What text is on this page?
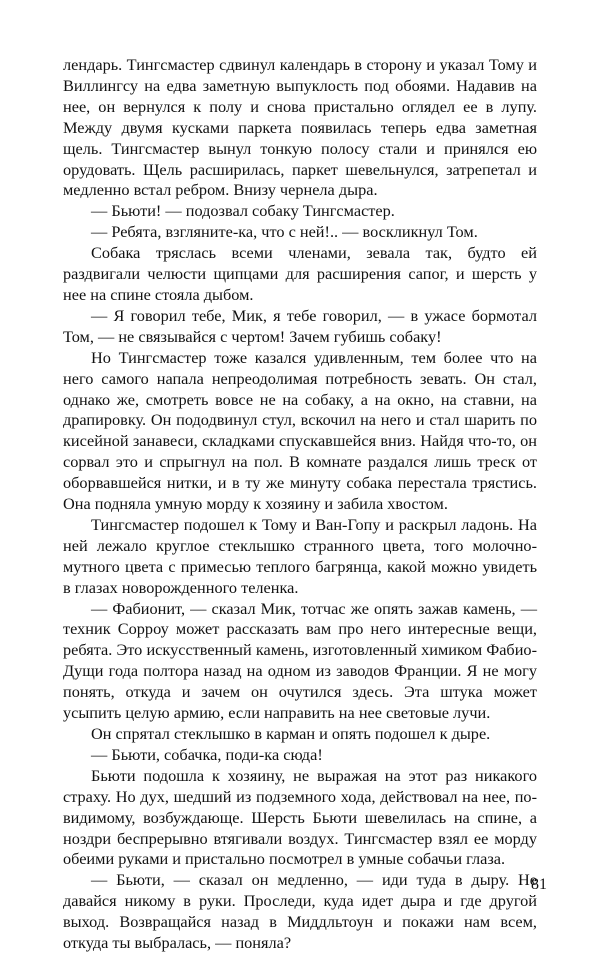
лендарь. Тингсмастер сдвинул календарь в сторону и указал Тому и Виллингсу на едва заметную выпуклость под обоями. Надавив на нее, он вернулся к полу и снова пристально оглядел ее в лупу. Между двумя кусками паркета появилась теперь едва заметная щель. Тингсмастер вынул тонкую полосу стали и принялся ею орудовать. Щель расширилась, паркет шевельнулся, затрепетал и медленно встал ребром. Внизу чернела дыра.

— Бьюти! — подозвал собаку Тингсмастер.

— Ребята, взгляните-ка, что с ней!.. — воскликнул Том.

Собака тряслась всеми членами, зевала так, будто ей раздвигали челюсти щипцами для расширения сапог, и шерсть у нее на спине стояла дыбом.

— Я говорил тебе, Мик, я тебе говорил, — в ужасе бормотал Том, — не связывайся с чертом! Зачем губишь собаку!

Но Тингсмастер тоже казался удивленным, тем более что на него самого напала непреодолимая потребность зевать. Он стал, однако же, смотреть вовсе не на собаку, а на окно, на ставни, на драпировку. Он пододвинул стул, вскочил на него и стал шарить по кисейной занавеси, складками спускавшейся вниз. Найдя что-то, он сорвал это и спрыгнул на пол. В комнате раздался лишь треск от оборвавшейся нитки, и в ту же минуту собака перестала трястись. Она подняла умную морду к хозяину и забила хвостом.

Тингсмастер подошел к Тому и Ван-Гопу и раскрыл ладонь. На ней лежало круглое стеклышко странного цвета, того молочно-мутного цвета с примесью теплого багрянца, какой можно увидеть в глазах новорожденного теленка.

— Фабионит, — сказал Мик, тотчас же опять зажав камень, — техник Сорроу может рассказать вам про него интересные вещи, ребята. Это искусственный камень, изготовленный химиком Фабио-Дущи года полтора назад на одном из заводов Франции. Я не могу понять, откуда и зачем он очутился здесь. Эта штука может усыпить целую армию, если направить на нее световые лучи.

Он спрятал стеклышко в карман и опять подошел к дыре.

— Бьюти, собачка, поди-ка сюда!

Бьюти подошла к хозяину, не выражая на этот раз никакого страху. Но дух, шедший из подземного хода, действовал на нее, по-видимому, возбуждающе. Шерсть Бьюти шевелилась на спине, а ноздри беспрерывно втягивали воздух. Тингсмастер взял ее морду обеими руками и пристально посмотрел в умные собачьи глаза.

— Бьюти, — сказал он медленно, — иди туда в дыру. Не давайся никому в руки. Проследи, куда идет дыра и где другой выход. Возвращайся назад в Миддльтоун и покажи нам всем, откуда ты выбралась, — поняла?

81
